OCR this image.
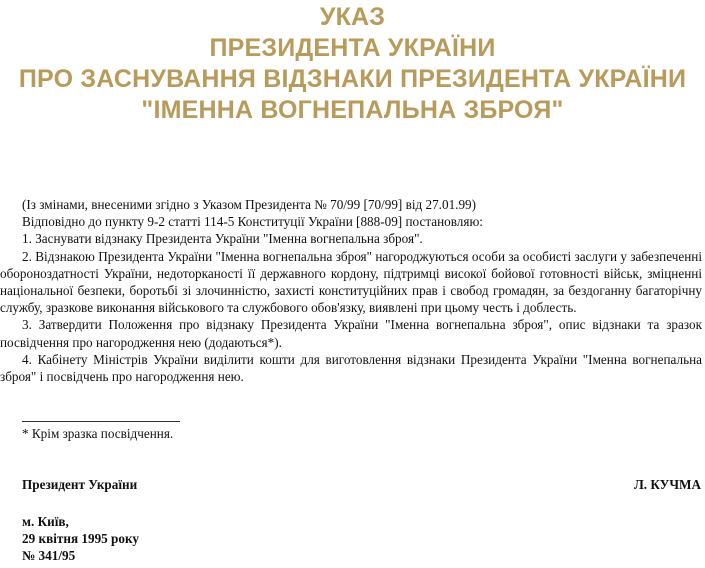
УКАЗ
ПРЕЗИДЕНТА УКРАЇНИ
ПРО ЗАСНУВАННЯ ВІДЗНАКИ ПРЕЗИДЕНТА УКРАЇНИ
"ІМЕННА ВОГНЕПАЛЬНА ЗБРОЯ"

(Із змінами, внесеними згідно з Указом Президента № 70/99 [70/99] від 27.01.99)

Відповідно до пункту 9-2 статті 114-5 Конституції України [888-09] постановляю:

1. Заснувати відзнаку Президента України "Іменна вогнепальна зброя".

2. Відзнакою Президента України "Іменна вогнепальна зброя" нагороджуються особи за особисті заслуги у забезпеченні обороноздатності України, недоторканості її державного кордону, підтримці високої бойової готовності військ, зміцненні національної безпеки, боротьбі зі злочинністю, захисті конституційних прав і свобод громадян, за бездоганну багаторічну службу, зразкове виконання військового та службового обов'язку, виявлені при цьому честь і доблесть.

3. Затвердити Положення про відзнаку Президента України "Іменна вогнепальна зброя", опис відзнаки та зразок посвідчення про нагородження нею (додаються*).

4. Кабінету Міністрів України виділити кошти для виготовлення відзнаки Президента України "Іменна вогнепальна зброя" і посвідчень про нагородження нею.

* Крім зразка посвідчення.
Президент України	Л. КУЧМА
м. Київ,
29 квітня 1995 року
№ 341/95
